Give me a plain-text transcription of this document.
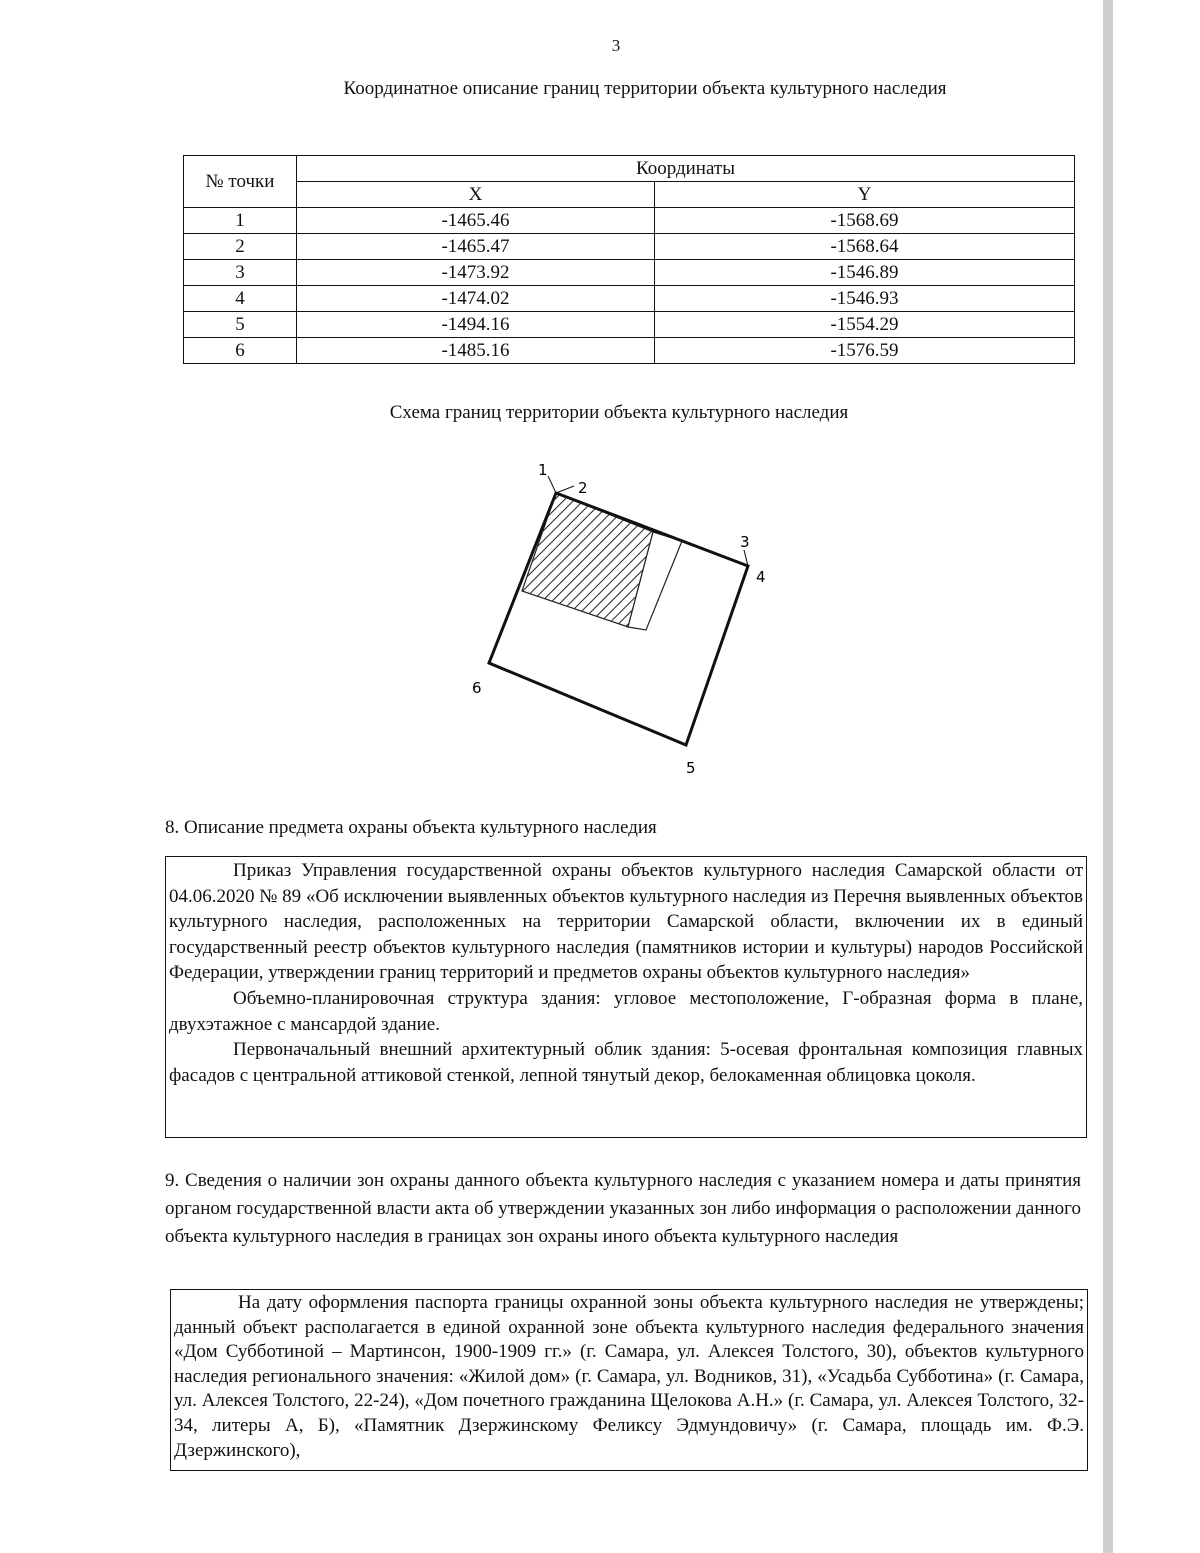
3
Координатное описание границ территории объекта культурного наследия
№ точки	Координаты	
	X	Y
1	-1465.46	-1568.69
2	-1465.47	-1568.64
3	-1473.92	-1546.89
4	-1474.02	-1546.93
5	-1494.16	-1554.29
6	-1485.16	-1576.59
Схема границ территории объекта культурного наследия
1
2
3
4
5
6
8. Описание предмета охраны объекта культурного наследия

Приказ Управления государственной охраны объектов культурного наследия Самарской области от 04.06.2020 № 89 «Об исключении выявленных объектов культурного наследия из Перечня выявленных объектов культурного наследия, расположенных на территории Самарской области, включении их в единый государственный реестр объектов культурного наследия (памятников истории и культуры) народов Российской Федерации, утверждении границ территорий и предметов охраны объектов культурного наследия»

Объемно-планировочная структура здания: угловое местоположение, Г-образная форма в плане, двухэтажное с мансардой здание.

Первоначальный внешний архитектурный облик здания: 5-осевая фронтальная композиция главных фасадов с центральной аттиковой стенкой, лепной тянутый декор, белокаменная облицовка цоколя.

9. Сведения о наличии зон охраны данного объекта культурного наследия с указанием номера и даты принятия органом государственной власти акта об утверждении указанных зон либо информация о расположении данного объекта культурного наследия в границах зон охраны иного объекта культурного наследия

На дату оформления паспорта границы охранной зоны объекта культурного наследия не утверждены; данный объект располагается в единой охранной зоне объекта культурного наследия федерального значения «Дом Субботиной – Мартинсон, 1900-1909 гг.» (г. Самара, ул. Алексея Толстого, 30), объектов культурного наследия регионального значения: «Жилой дом» (г. Самара, ул. Водников, 31), «Усадьба Субботина» (г. Самара, ул. Алексея Толстого, 22-24), «Дом почетного гражданина Щелокова А.Н.» (г. Самара, ул. Алексея Толстого, 32-34, литеры А, Б), «Памятник Дзержинскому Феликсу Эдмундовичу» (г. Самара, площадь им. Ф.Э. Дзержинского),
